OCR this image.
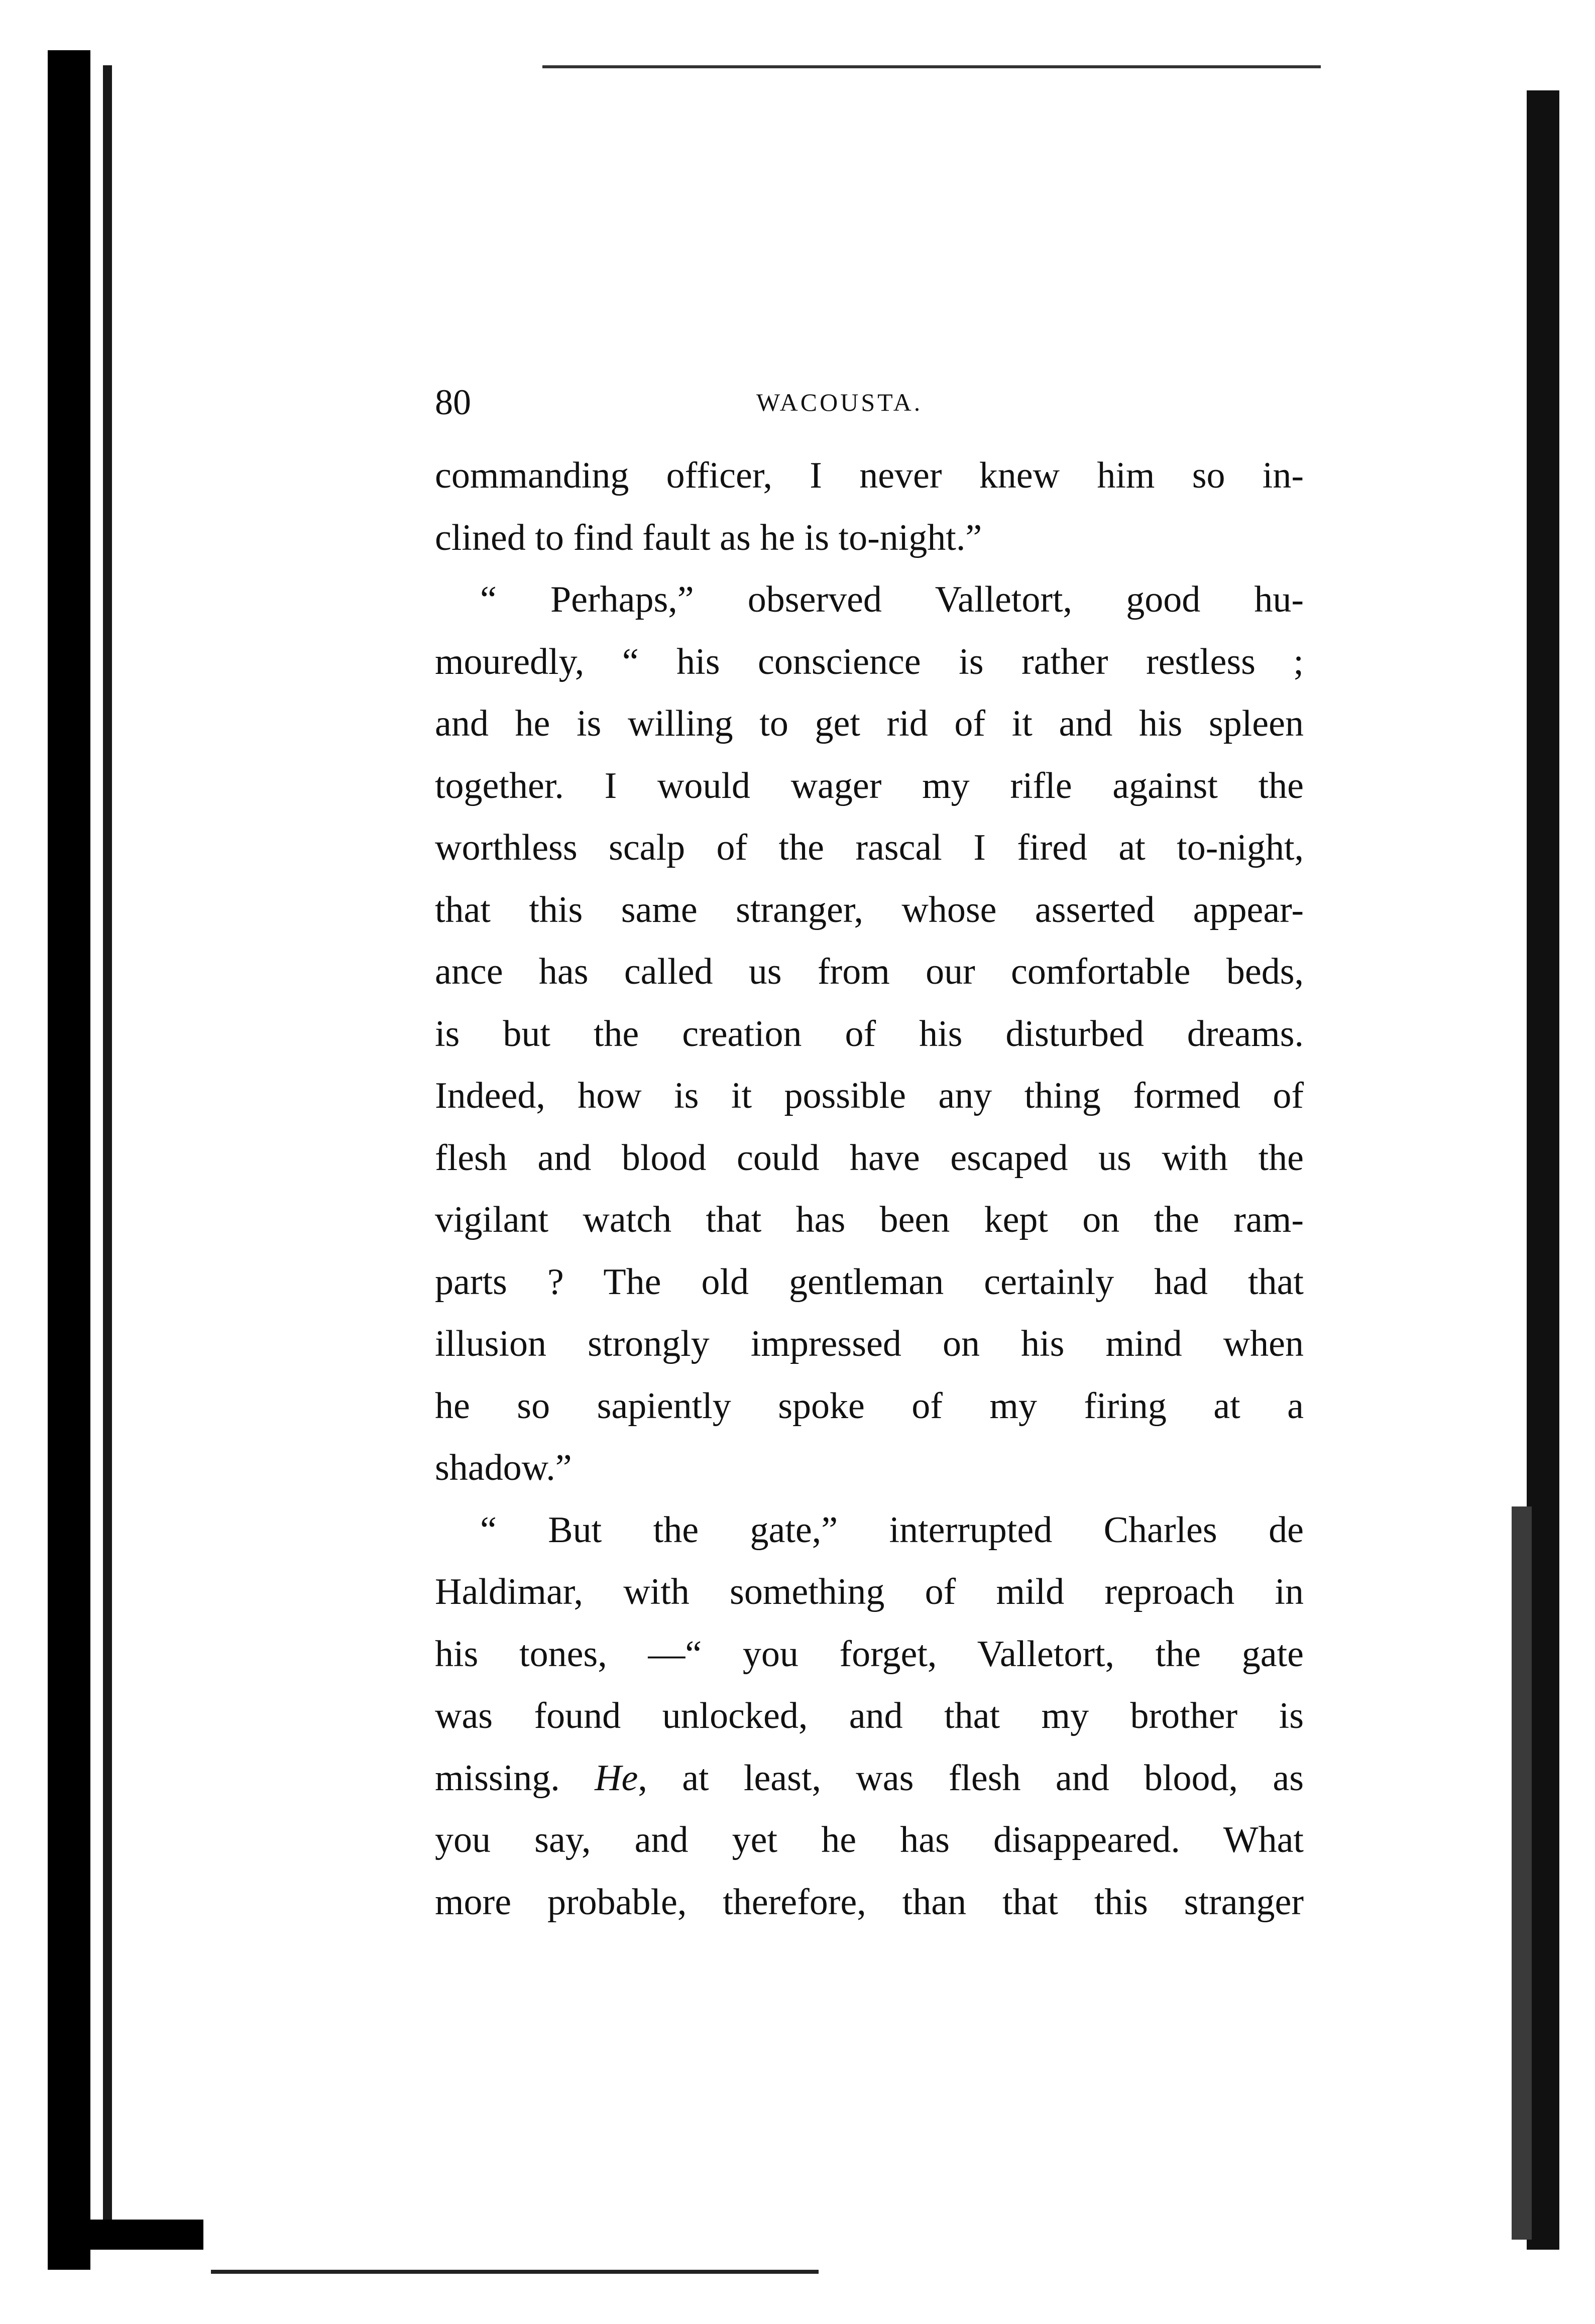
80	WACOUSTA.

commanding officer, I never knew him so in-
clined to find fault as he is to-night.”
“ Perhaps,” observed Valletort, good hu-
mouredly, “ his conscience is rather restless ;
and he is willing to get rid of it and his spleen
together. I would wager my rifle against the
worthless scalp of the rascal I fired at to-night,
that this same stranger, whose asserted appear-
ance has called us from our comfortable beds,
is but the creation of his disturbed dreams.
Indeed, how is it possible any thing formed of
flesh and blood could have escaped us with the
vigilant watch that has been kept on the ram-
parts ? The old gentleman certainly had that
illusion strongly impressed on his mind when
he so sapiently spoke of my firing at a
shadow.”
“ But the gate,” interrupted Charles de
Haldimar, with something of mild reproach in
his tones, —“ you forget, Valletort, the gate
was found unlocked, and that my brother is
missing. He, at least, was flesh and blood, as
you say, and yet he has disappeared. What
more probable, therefore, than that this stranger
